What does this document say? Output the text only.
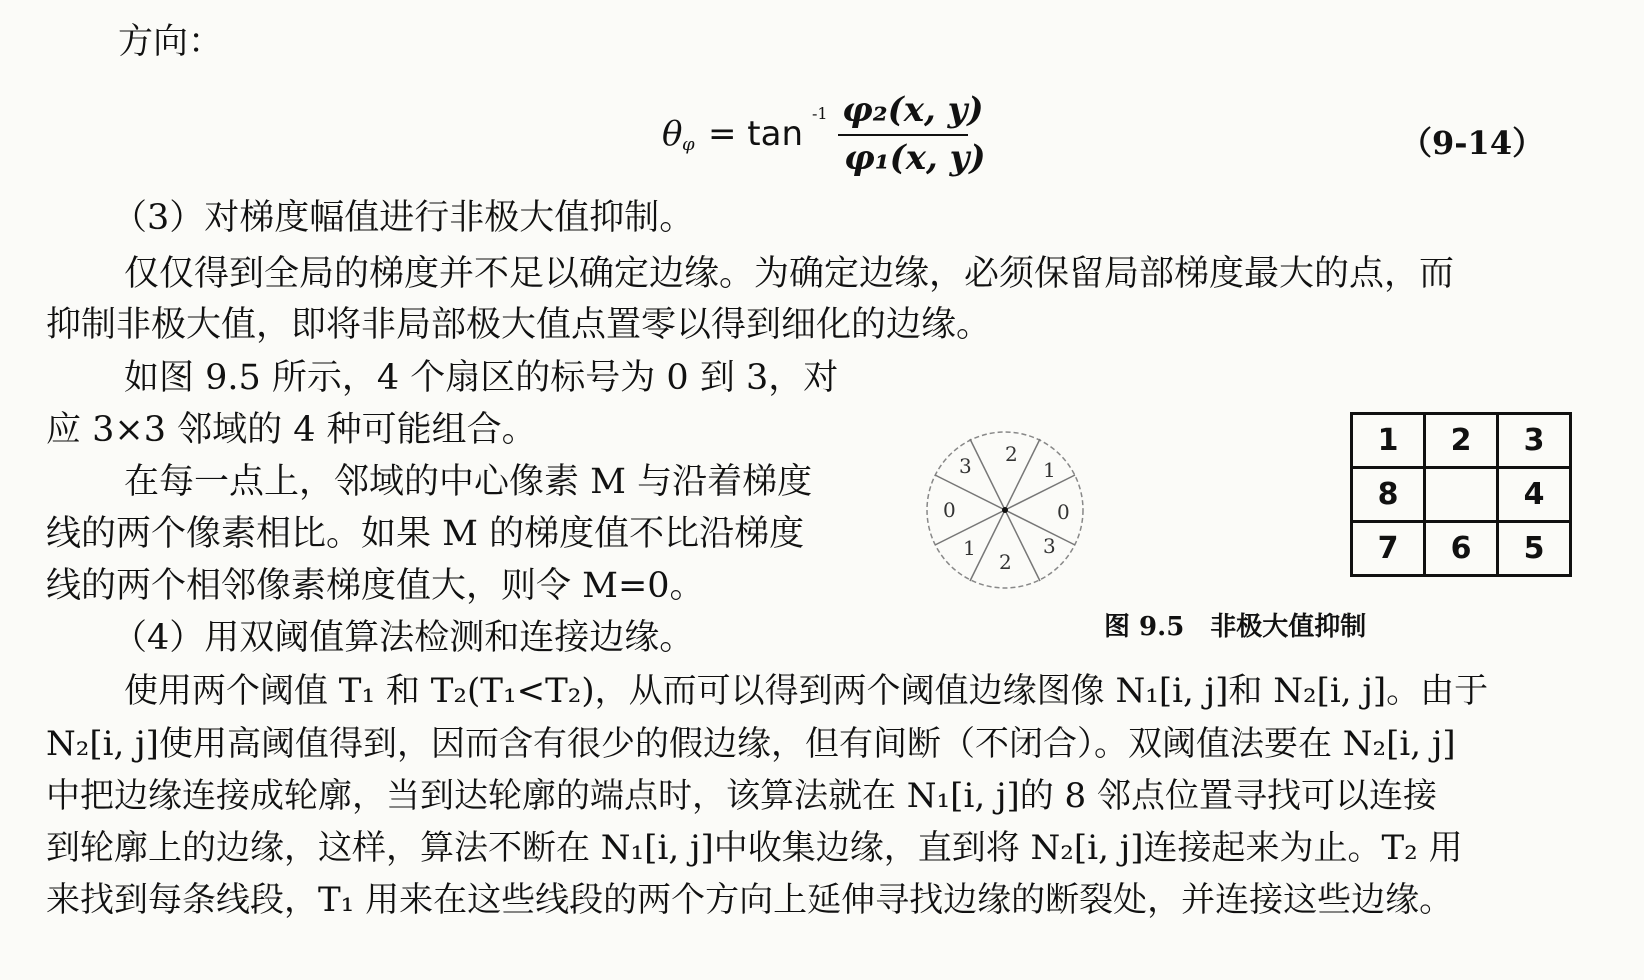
方向：
θ φ = tan
-1 φ₂(x, y)
φ₁(x, y)	（9-14）
（3）对梯度幅值进行非极大值抑制。
仅仅得到全局的梯度并不足以确定边缘。为确定边缘，必须保留局部梯度最大的点，而
抑制非极大值，即将非局部极大值点置零以得到细化的边缘。
如图 9.5 所示，4 个扇区的标号为 0 到 3，对
应 3×3 邻域的 4 种可能组合。
在每一点上，邻域的中心像素 M 与沿着梯度
线的两个像素相比。如果 M 的梯度值不比沿梯度
线的两个相邻像素梯度值大，则令 M=0。
（4）用双阈值算法检测和连接边缘。
使用两个阈值 T₁ 和 T₂(T₁<T₂)，从而可以得到两个阈值边缘图像 N₁[i, j]和 N₂[i, j]。由于
N₂[i, j]使用高阈值得到，因而含有很少的假边缘，但有间断（不闭合）。双阈值法要在 N₂[i, j]
中把边缘连接成轮廓，当到达轮廓的端点时，该算法就在 N₁[i, j]的 8 邻点位置寻找可以连接
到轮廓上的边缘，这样，算法不断在 N₁[i, j]中收集边缘，直到将 N₂[i, j]连接起来为止。T₂ 用
来找到每条线段，T₁ 用来在这些线段的两个方向上延伸寻找边缘的断裂处，并连接这些边缘。
3 2
1
0	0
1
2
3
1	2	3
8		4
7	6	5
图 9.5　非极大值抑制
